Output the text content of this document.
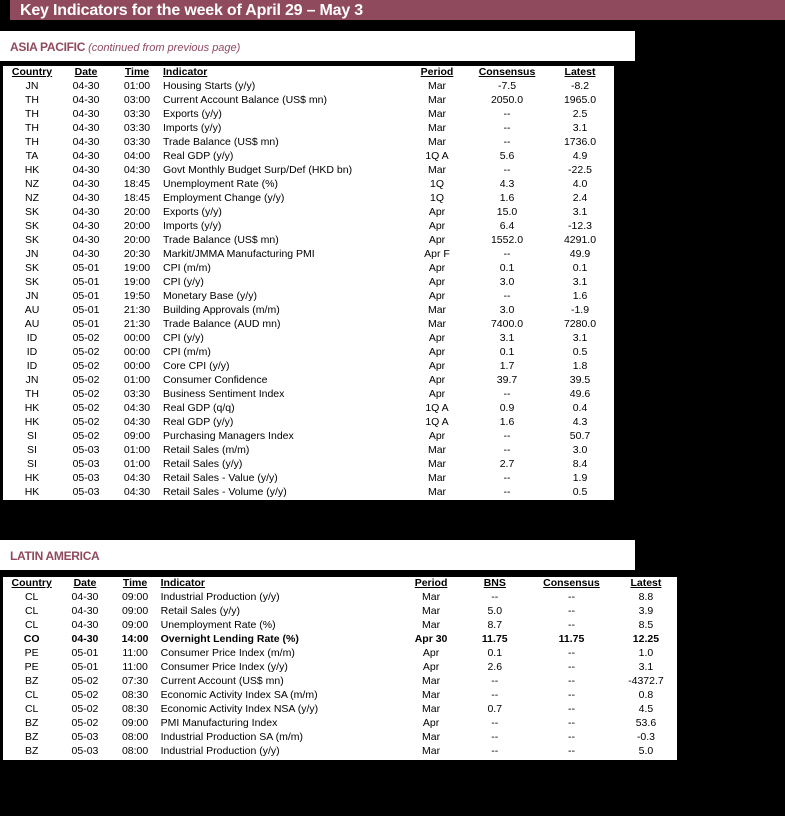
Key Indicators for the week of April 29 – May 3
ASIA PACIFIC (continued from previous page)
Country	Date	Time	Indicator	Period	Consensus	Latest
JN	04-30	01:00	Housing Starts (y/y)	Mar	-7.5	-8.2
TH	04-30	03:00	Current Account Balance (US$ mn)	Mar	2050.0	1965.0
TH	04-30	03:30	Exports (y/y)	Mar	--	2.5
TH	04-30	03:30	Imports (y/y)	Mar	--	3.1
TH	04-30	03:30	Trade Balance (US$ mn)	Mar	--	1736.0
TA	04-30	04:00	Real GDP (y/y)	1Q A	5.6	4.9
HK	04-30	04:30	Govt Monthly Budget Surp/Def (HKD bn)	Mar	--	-22.5
NZ	04-30	18:45	Unemployment Rate (%)	1Q	4.3	4.0
NZ	04-30	18:45	Employment Change (y/y)	1Q	1.6	2.4
SK	04-30	20:00	Exports (y/y)	Apr	15.0	3.1
SK	04-30	20:00	Imports (y/y)	Apr	6.4	-12.3
SK	04-30	20:00	Trade Balance (US$ mn)	Apr	1552.0	4291.0
JN	04-30	20:30	Markit/JMMA Manufacturing PMI	Apr F	--	49.9
SK	05-01	19:00	CPI (m/m)	Apr	0.1	0.1
SK	05-01	19:00	CPI (y/y)	Apr	3.0	3.1
JN	05-01	19:50	Monetary Base (y/y)	Apr	--	1.6
AU	05-01	21:30	Building Approvals (m/m)	Mar	3.0	-1.9
AU	05-01	21:30	Trade Balance (AUD mn)	Mar	7400.0	7280.0
ID	05-02	00:00	CPI (y/y)	Apr	3.1	3.1
ID	05-02	00:00	CPI (m/m)	Apr	0.1	0.5
ID	05-02	00:00	Core CPI (y/y)	Apr	1.7	1.8
JN	05-02	01:00	Consumer Confidence	Apr	39.7	39.5
TH	05-02	03:30	Business Sentiment Index	Apr	--	49.6
HK	05-02	04:30	Real GDP (q/q)	1Q A	0.9	0.4
HK	05-02	04:30	Real GDP (y/y)	1Q A	1.6	4.3
SI	05-02	09:00	Purchasing Managers Index	Apr	--	50.7
SI	05-03	01:00	Retail Sales (m/m)	Mar	--	3.0
SI	05-03	01:00	Retail Sales (y/y)	Mar	2.7	8.4
HK	05-03	04:30	Retail Sales - Value (y/y)	Mar	--	1.9
HK	05-03	04:30	Retail Sales - Volume (y/y)	Mar	--	0.5
LATIN AMERICA
Country	Date	Time	Indicator	Period	BNS	Consensus	Latest
CL	04-30	09:00	Industrial Production (y/y)	Mar	--	--	8.8
CL	04-30	09:00	Retail Sales (y/y)	Mar	5.0	--	3.9
CL	04-30	09:00	Unemployment Rate (%)	Mar	8.7	--	8.5
CO	04-30	14:00	Overnight Lending Rate (%)	Apr 30	11.75	11.75	12.25
PE	05-01	11:00	Consumer Price Index (m/m)	Apr	0.1	--	1.0
PE	05-01	11:00	Consumer Price Index (y/y)	Apr	2.6	--	3.1
BZ	05-02	07:30	Current Account (US$ mn)	Mar	--	--	-4372.7
CL	05-02	08:30	Economic Activity Index SA (m/m)	Mar	--	--	0.8
CL	05-02	08:30	Economic Activity Index NSA (y/y)	Mar	0.7	--	4.5
BZ	05-02	09:00	PMI Manufacturing Index	Apr	--	--	53.6
BZ	05-03	08:00	Industrial Production SA (m/m)	Mar	--	--	-0.3
BZ	05-03	08:00	Industrial Production (y/y)	Mar	--	--	5.0
